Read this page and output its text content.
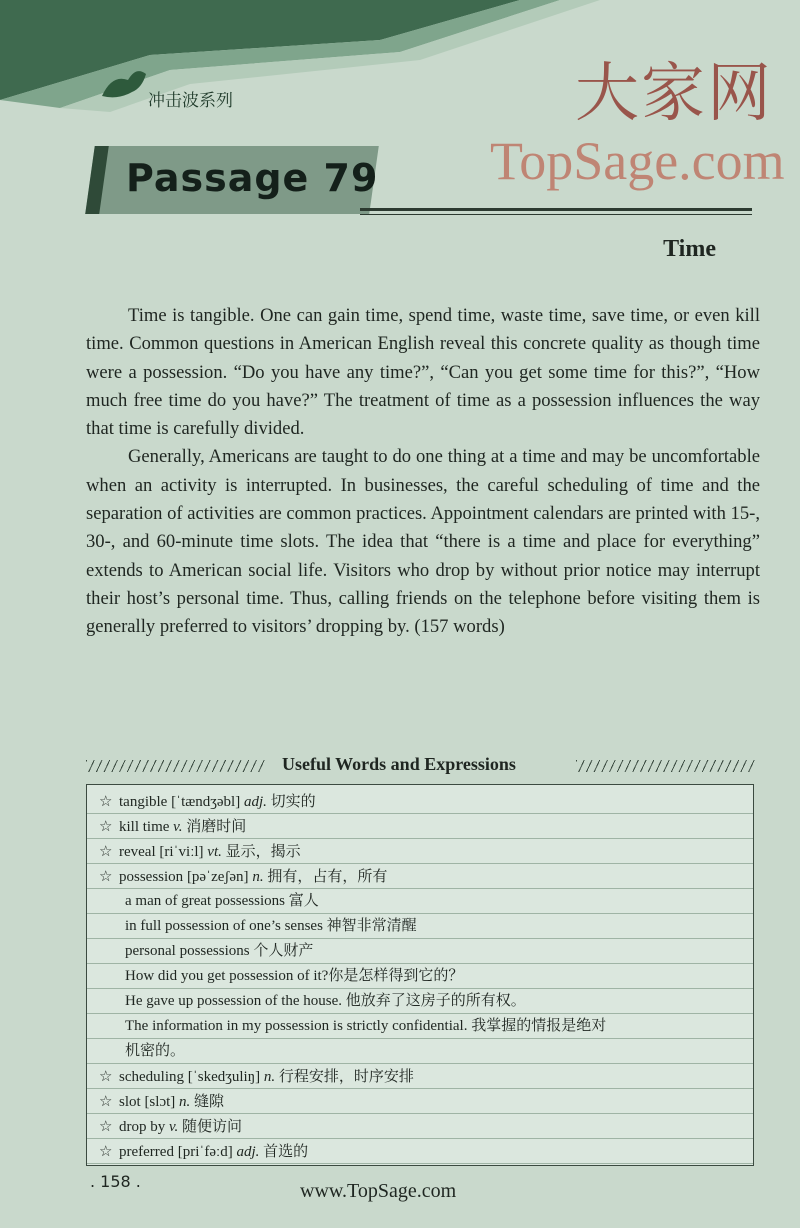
冲击波系列	大家网
TopSage.com
Passage 79
Time

Time is tangible. One can gain time, spend time, waste time, save time, or even kill time. Common questions in American English reveal this concrete quality as though time were a possession. “Do you have any time?”, “Can you get some time for this?”, “How much free time do you have?” The treatment of time as a possession influences the way that time is carefully divided.

Generally, Americans are taught to do one thing at a time and may be uncomfortable when an activity is interrupted. In businesses, the careful scheduling of time and the separation of activities are common practices. Appointment calendars are printed with 15-, 30-, and 60-minute time slots. The idea that “there is a time and place for everything” extends to American social life. Visitors who drop by without prior notice may interrupt their host’s personal time. Thus, calling friends on the telephone before visiting them is generally preferred to visitors’ dropping by. (157 words)

Useful Words and Expressions
☆ tangible [ˈtændʒəbl] adj. 切实的
☆ kill time v. 消磨时间
☆ reveal [riˈviːl] vt. 显示，揭示
☆ possession [pəˈzeʃən] n. 拥有，占有，所有
a man of great possessions 富人
in full possession of one’s senses 神智非常清醒
personal possessions 个人财产
How did you get possession of it?你是怎样得到它的？
He gave up possession of the house. 他放弃了这房子的所有权。
The information in my possession is strictly confidential. 我掌握的情报是绝对
机密的。
☆ scheduling [ˈskedʒuliŋ] n. 行程安排，时序安排
☆ slot [slɔt] n. 缝隙
☆ drop by v. 随便访问
☆ preferred [priˈfəːd] adj. 首选的
. 158 .	www.TopSage.com
